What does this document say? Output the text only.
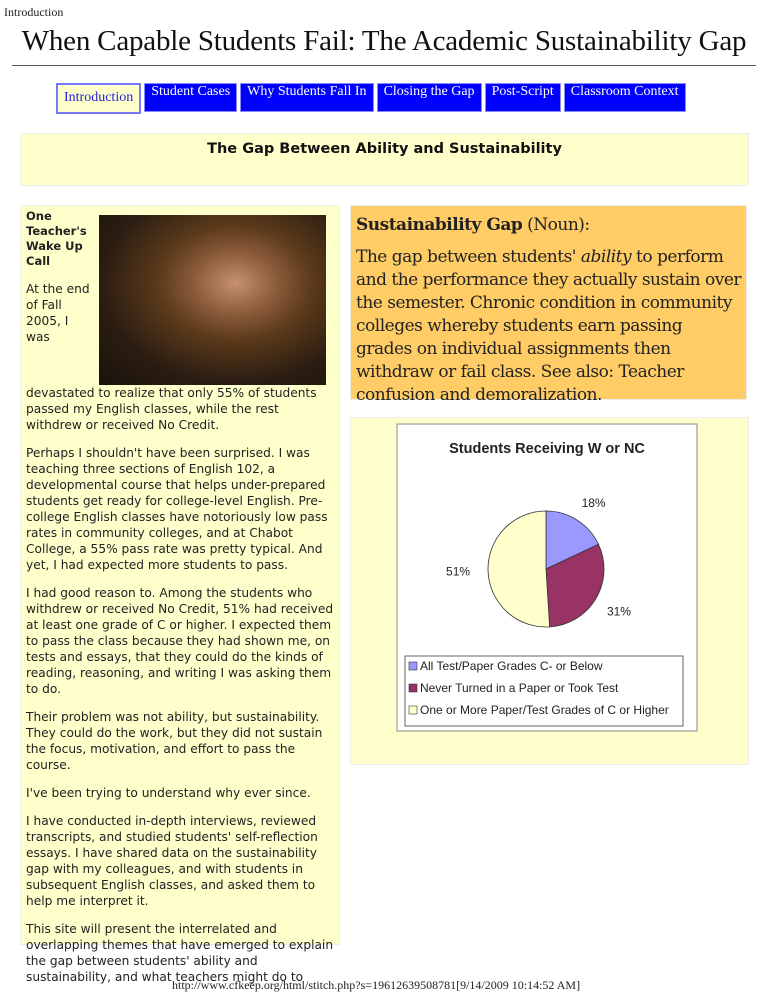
Introduction
When Capable Students Fail: The Academic Sustainability Gap
Introduction	Student Cases	Why Students Fall In	Closing the Gap	Post-Script	Classroom Context
The Gap Between Ability and Sustainability
One Teacher's Wake Up Call

At the end of Fall 2005, I was devastated to realize that only 55% of students passed my English classes, while the rest withdrew or received No Credit.

Perhaps I shouldn't have been surprised. I was teaching three sections of English 102, a developmental course that helps under-prepared students get ready for college-level English. Pre-college English classes have notoriously low pass rates in community colleges, and at Chabot College, a 55% pass rate was pretty typical. And yet, I had expected more students to pass.

I had good reason to. Among the students who withdrew or received No Credit, 51% had received at least one grade of C or higher. I expected them to pass the class because they had shown me, on tests and essays, that they could do the kinds of reading, reasoning, and writing I was asking them to do.

Their problem was not ability, but sustainability. They could do the work, but they did not sustain the focus, motivation, and effort to pass the course.

I've been trying to understand why ever since.

I have conducted in-depth interviews, reviewed transcripts, and studied students' self-reflection essays. I have shared data on the sustainability gap with my colleagues, and with students in subsequent English classes, and asked them to help me interpret it.

This site will present the interrelated and overlapping themes that have emerged to explain the gap between students' ability and sustainability, and what teachers might do to

Sustainability Gap (Noun):

The gap between students' ability to perform and the performance they actually sustain over the semester. Chronic condition in community colleges whereby students earn passing grades on individual assignments then withdraw or fail class. See also: Teacher confusion and demoralization.

Students Receiving W or NC
18%
31%
51%
All Test/Paper Grades C- or Below
Never Turned in a Paper or Took Test
One or More Paper/Test Grades of C or Higher
http://www.cfkeep.org/html/stitch.php?s=19612639508781[9/14/2009 10:14:52 AM]
